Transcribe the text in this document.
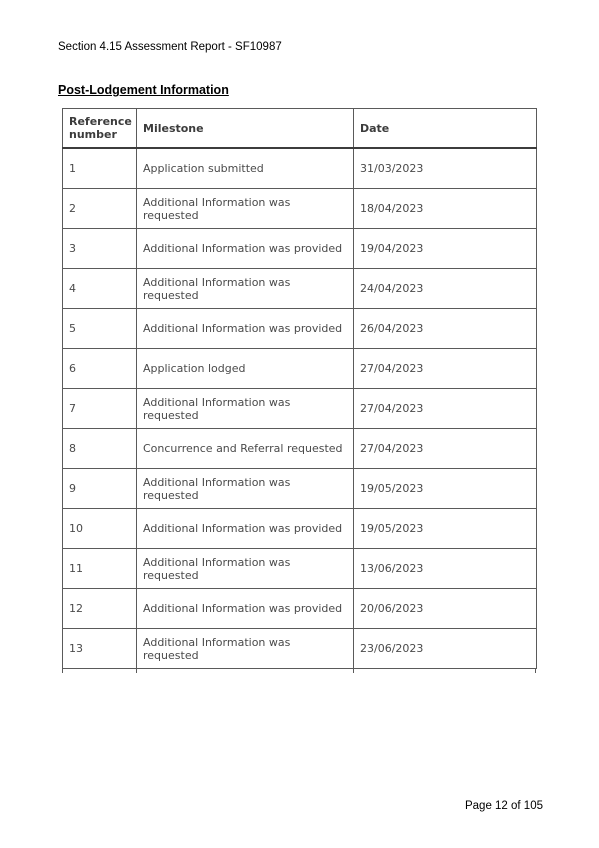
Section 4.15 Assessment Report - SF10987
Post-Lodgement Information
Reference number	Milestone	Date
1	Application submitted	31/03/2023
2	Additional Information was requested	18/04/2023
3	Additional Information was provided	19/04/2023
4	Additional Information was requested	24/04/2023
5	Additional Information was provided	26/04/2023
6	Application lodged	27/04/2023
7	Additional Information was requested	27/04/2023
8	Concurrence and Referral requested	27/04/2023
9	Additional Information was requested	19/05/2023
10	Additional Information was provided	19/05/2023
11	Additional Information was requested	13/06/2023
12	Additional Information was provided	20/06/2023
13	Additional Information was requested	23/06/2023
Page 12 of 105
